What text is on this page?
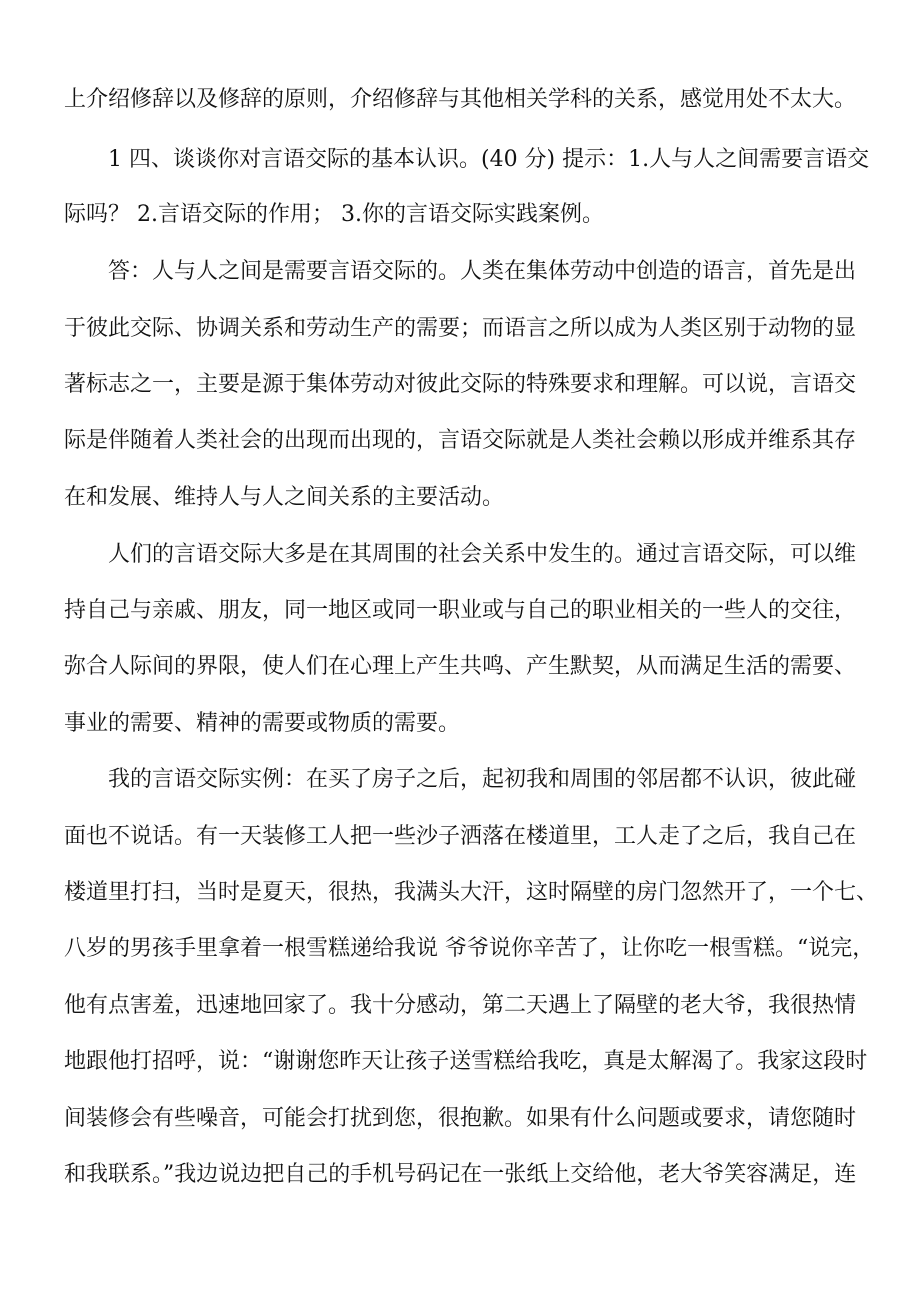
上介绍修辞以及修辞的原则，介绍修辞与其他相关学科的关系，感觉用处不太大。
1 四、谈谈你对言语交际的基本认识。(40 分) 提示：1.人与人之间需要言语交
际吗？ 2.言语交际的作用； 3.你的言语交际实践案例。
答：人与人之间是需要言语交际的。人类在集体劳动中创造的语言，首先是出
于彼此交际、协调关系和劳动生产的需要；而语言之所以成为人类区别于动物的显
著标志之一，主要是源于集体劳动对彼此交际的特殊要求和理解。可以说，言语交
际是伴随着人类社会的出现而出现的，言语交际就是人类社会赖以形成并维系其存
在和发展、维持人与人之间关系的主要活动。
人们的言语交际大多是在其周围的社会关系中发生的。通过言语交际，可以维
持自己与亲戚、朋友，同一地区或同一职业或与自己的职业相关的一些人的交往，
弥合人际间的界限，使人们在心理上产生共鸣、产生默契，从而满足生活的需要、
事业的需要、精神的需要或物质的需要。
我的言语交际实例：在买了房子之后，起初我和周围的邻居都不认识，彼此碰
面也不说话。有一天装修工人把一些沙子洒落在楼道里，工人走了之后，我自己在
楼道里打扫，当时是夏天，很热，我满头大汗，这时隔壁的房门忽然开了，一个七、
八岁的男孩手里拿着一根雪糕递给我说 爷爷说你辛苦了，让你吃一根雪糕。“说完，
他有点害羞，迅速地回家了。我十分感动，第二天遇上了隔壁的老大爷，我很热情
地跟他打招呼，说：“谢谢您昨天让孩子送雪糕给我吃，真是太解渴了。我家这段时
间装修会有些噪音，可能会打扰到您，很抱歉。如果有什么问题或要求，请您随时
和我联系。”我边说边把自己的手机号码记在一张纸上交给他，老大爷笑容满足，连
